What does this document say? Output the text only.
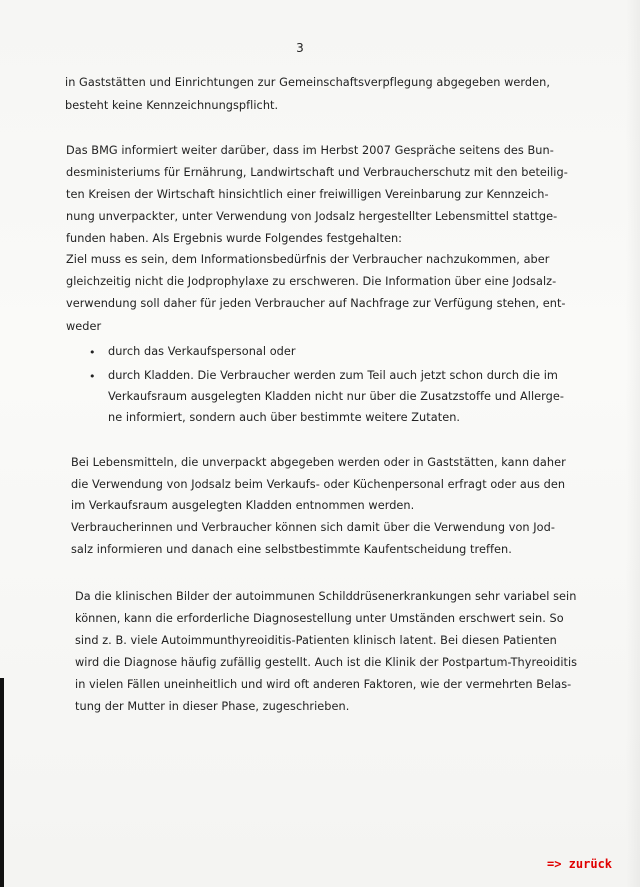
3
in Gaststätten und Einrichtungen zur Gemeinschaftsverpflegung abgegeben werden,
besteht keine Kennzeichnungspflicht.
Das BMG informiert weiter darüber, dass im Herbst 2007 Gespräche seitens des Bun-
desministeriums für Ernährung, Landwirtschaft und Verbraucherschutz mit den beteilig-
ten Kreisen der Wirtschaft hinsichtlich einer freiwilligen Vereinbarung zur Kennzeich-
nung unverpackter, unter Verwendung von Jodsalz hergestellter Lebensmittel stattge-
funden haben. Als Ergebnis wurde Folgendes festgehalten:
Ziel muss es sein, dem Informationsbedürfnis der Verbraucher nachzukommen, aber
gleichzeitig nicht die Jodprophylaxe zu erschweren. Die Information über eine Jodsalz-
verwendung soll daher für jeden Verbraucher auf Nachfrage zur Verfügung stehen, ent-
weder
• durch das Verkaufspersonal oder
• durch Kladden. Die Verbraucher werden zum Teil auch jetzt schon durch die im
Verkaufsraum ausgelegten Kladden nicht nur über die Zusatzstoffe und Allerge-
ne informiert, sondern auch über bestimmte weitere Zutaten.
Bei Lebensmitteln, die unverpackt abgegeben werden oder in Gaststätten, kann daher
die Verwendung von Jodsalz beim Verkaufs- oder Küchenpersonal erfragt oder aus den
im Verkaufsraum ausgelegten Kladden entnommen werden.
Verbraucherinnen und Verbraucher können sich damit über die Verwendung von Jod-
salz informieren und danach eine selbstbestimmte Kaufentscheidung treffen.
Da die klinischen Bilder der autoimmunen Schilddrüsenerkrankungen sehr variabel sein
können, kann die erforderliche Diagnosestellung unter Umständen erschwert sein. So
sind z. B. viele Autoimmunthyreoiditis-Patienten klinisch latent. Bei diesen Patienten
wird die Diagnose häufig zufällig gestellt. Auch ist die Klinik der Postpartum-Thyreoiditis
in vielen Fällen uneinheitlich und wird oft anderen Faktoren, wie der vermehrten Belas-
tung der Mutter in dieser Phase, zugeschrieben.
=> zurück
